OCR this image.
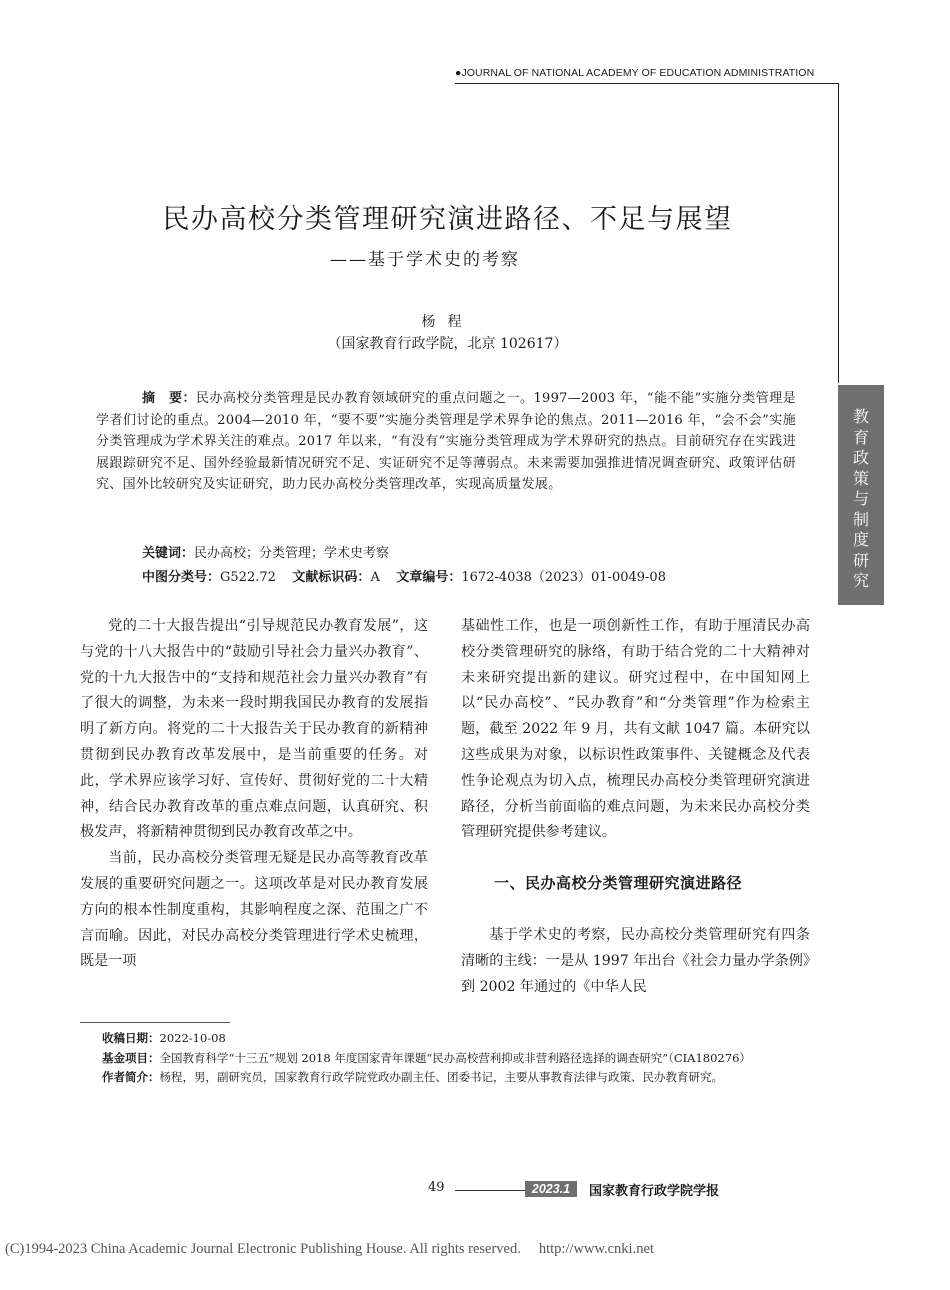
●JOURNAL OF NATIONAL ACADEMY OF EDUCATION ADMINISTRATION
教
育
政
策
与
制
度
研
究
民办高校分类管理研究演进路径、不足与展望
——基于学术史的考察
杨程
（国家教育行政学院，北京 102617）
摘　要：民办高校分类管理是民办教育领域研究的重点问题之一。1997—2003 年，“能不能”实施分类管理是学者们讨论的重点。2004—2010 年，“要不要”实施分类管理是学术界争论的焦点。2011—2016 年，“会不会”实施分类管理成为学术界关注的难点。2017 年以来，“有没有”实施分类管理成为学术界研究的热点。目前研究存在实践进展跟踪研究不足、国外经验最新情况研究不足、实证研究不足等薄弱点。未来需要加强推进情况调查研究、政策评估研究、国外比较研究及实证研究，助力民办高校分类管理改革，实现高质量发展。
关键词：民办高校；分类管理；学术史考察
中图分类号：G522.72 文献标识码：A 文章编号：1672-4038（2023）01-0049-08

党的二十大报告提出“引导规范民办教育发展”，这与党的十八大报告中的“鼓励引导社会力量兴办教育”、党的十九大报告中的“支持和规范社会力量兴办教育”有了很大的调整，为未来一段时期我国民办教育的发展指明了新方向。将党的二十大报告关于民办教育的新精神贯彻到民办教育改革发展中，是当前重要的任务。对此，学术界应该学习好、宣传好、贯彻好党的二十大精神，结合民办教育改革的重点难点问题，认真研究、积极发声，将新精神贯彻到民办教育改革之中。

当前，民办高校分类管理无疑是民办高等教育改革发展的重要研究问题之一。这项改革是对民办教育发展方向的根本性制度重构，其影响程度之深、范围之广不言而喻。因此，对民办高校分类管理进行学术史梳理，既是一项

基础性工作，也是一项创新性工作，有助于厘清民办高校分类管理研究的脉络，有助于结合党的二十大精神对未来研究提出新的建议。研究过程中，在中国知网上以“民办高校”、“民办教育”和“分类管理”作为检索主题，截至 2022 年 9 月，共有文献 1047 篇。本研究以这些成果为对象，以标识性政策事件、关键概念及代表性争论观点为切入点，梳理民办高校分类管理研究演进路径，分析当前面临的难点问题，为未来民办高校分类管理研究提供参考建议。

一、民办高校分类管理研究演进路径

基于学术史的考察，民办高校分类管理研究有四条清晰的主线：一是从 1997 年出台《社会力量办学条例》到 2002 年通过的《中华人民

收稿日期：2022-10-08
基金项目：全国教育科学“十三五”规划 2018 年度国家青年课题“民办高校营利抑或非营利路径选择的调查研究”（CIA180276）
作者简介：杨程，男，副研究员，国家教育行政学院党政办副主任、团委书记，主要从事教育法律与政策、民办教育研究。
49	2023.1	国家教育行政学院学报
(C)1994-2023 China Academic Journal Electronic Publishing House. All rights reserved. http://www.cnki.net
